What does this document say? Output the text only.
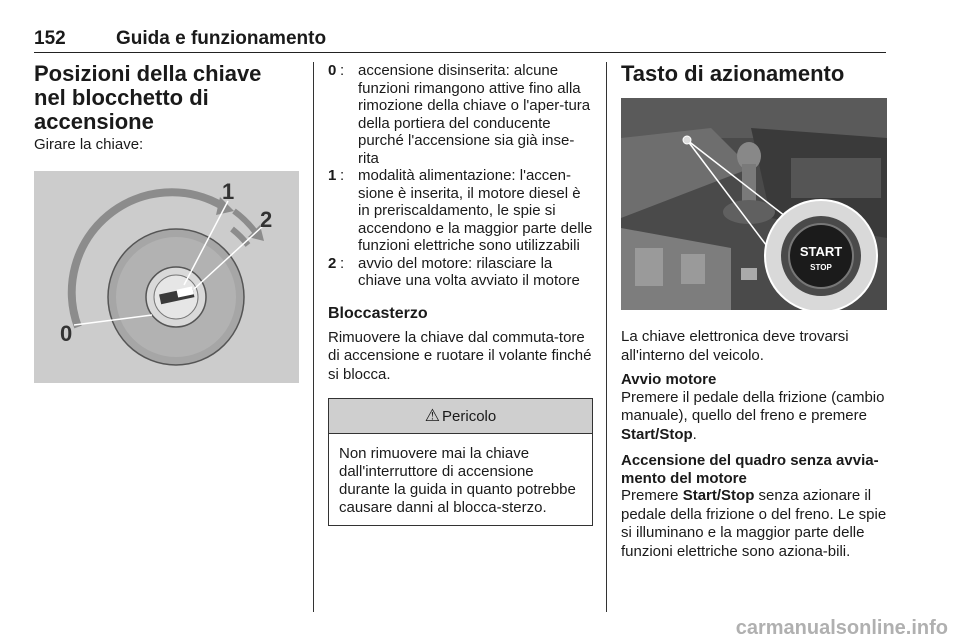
152	Guida e funzionamento
Posizioni della chiave nel blocchetto di accensione

Girare la chiave:

0
1
2
0 : accensione disinserita: alcune funzioni rimangono attive fino alla rimozione della chiave o l'aper-tura della portiera del conducente purché l'accensione sia già inse-rita
1 : modalità alimentazione: l'accen-sione è inserita, il motore diesel è in preriscaldamento, le spie si accendono e la maggior parte delle funzioni elettriche sono utilizzabili
2 : avvio del motore: rilasciare la chiave una volta avviato il motore
Bloccasterzo

Rimuovere la chiave dal commuta-tore di accensione e ruotare il volante finché si blocca.

⚠ Pericolo
Non rimuovere mai la chiave dall'interruttore di accensione durante la guida in quanto potrebbe causare danni al blocca-sterzo.
Tasto di azionamento
START
STOP

La chiave elettronica deve trovarsi all'interno del veicolo.

Avvio motore

Premere il pedale della frizione (cambio manuale), quello del freno e premere Start/Stop.

Accensione del quadro senza avvia-mento del motore

Premere Start/Stop senza azionare il pedale della frizione o del freno. Le spie si illuminano e la maggior parte delle funzioni elettriche sono aziona-bili.

carmanualsonline.info
